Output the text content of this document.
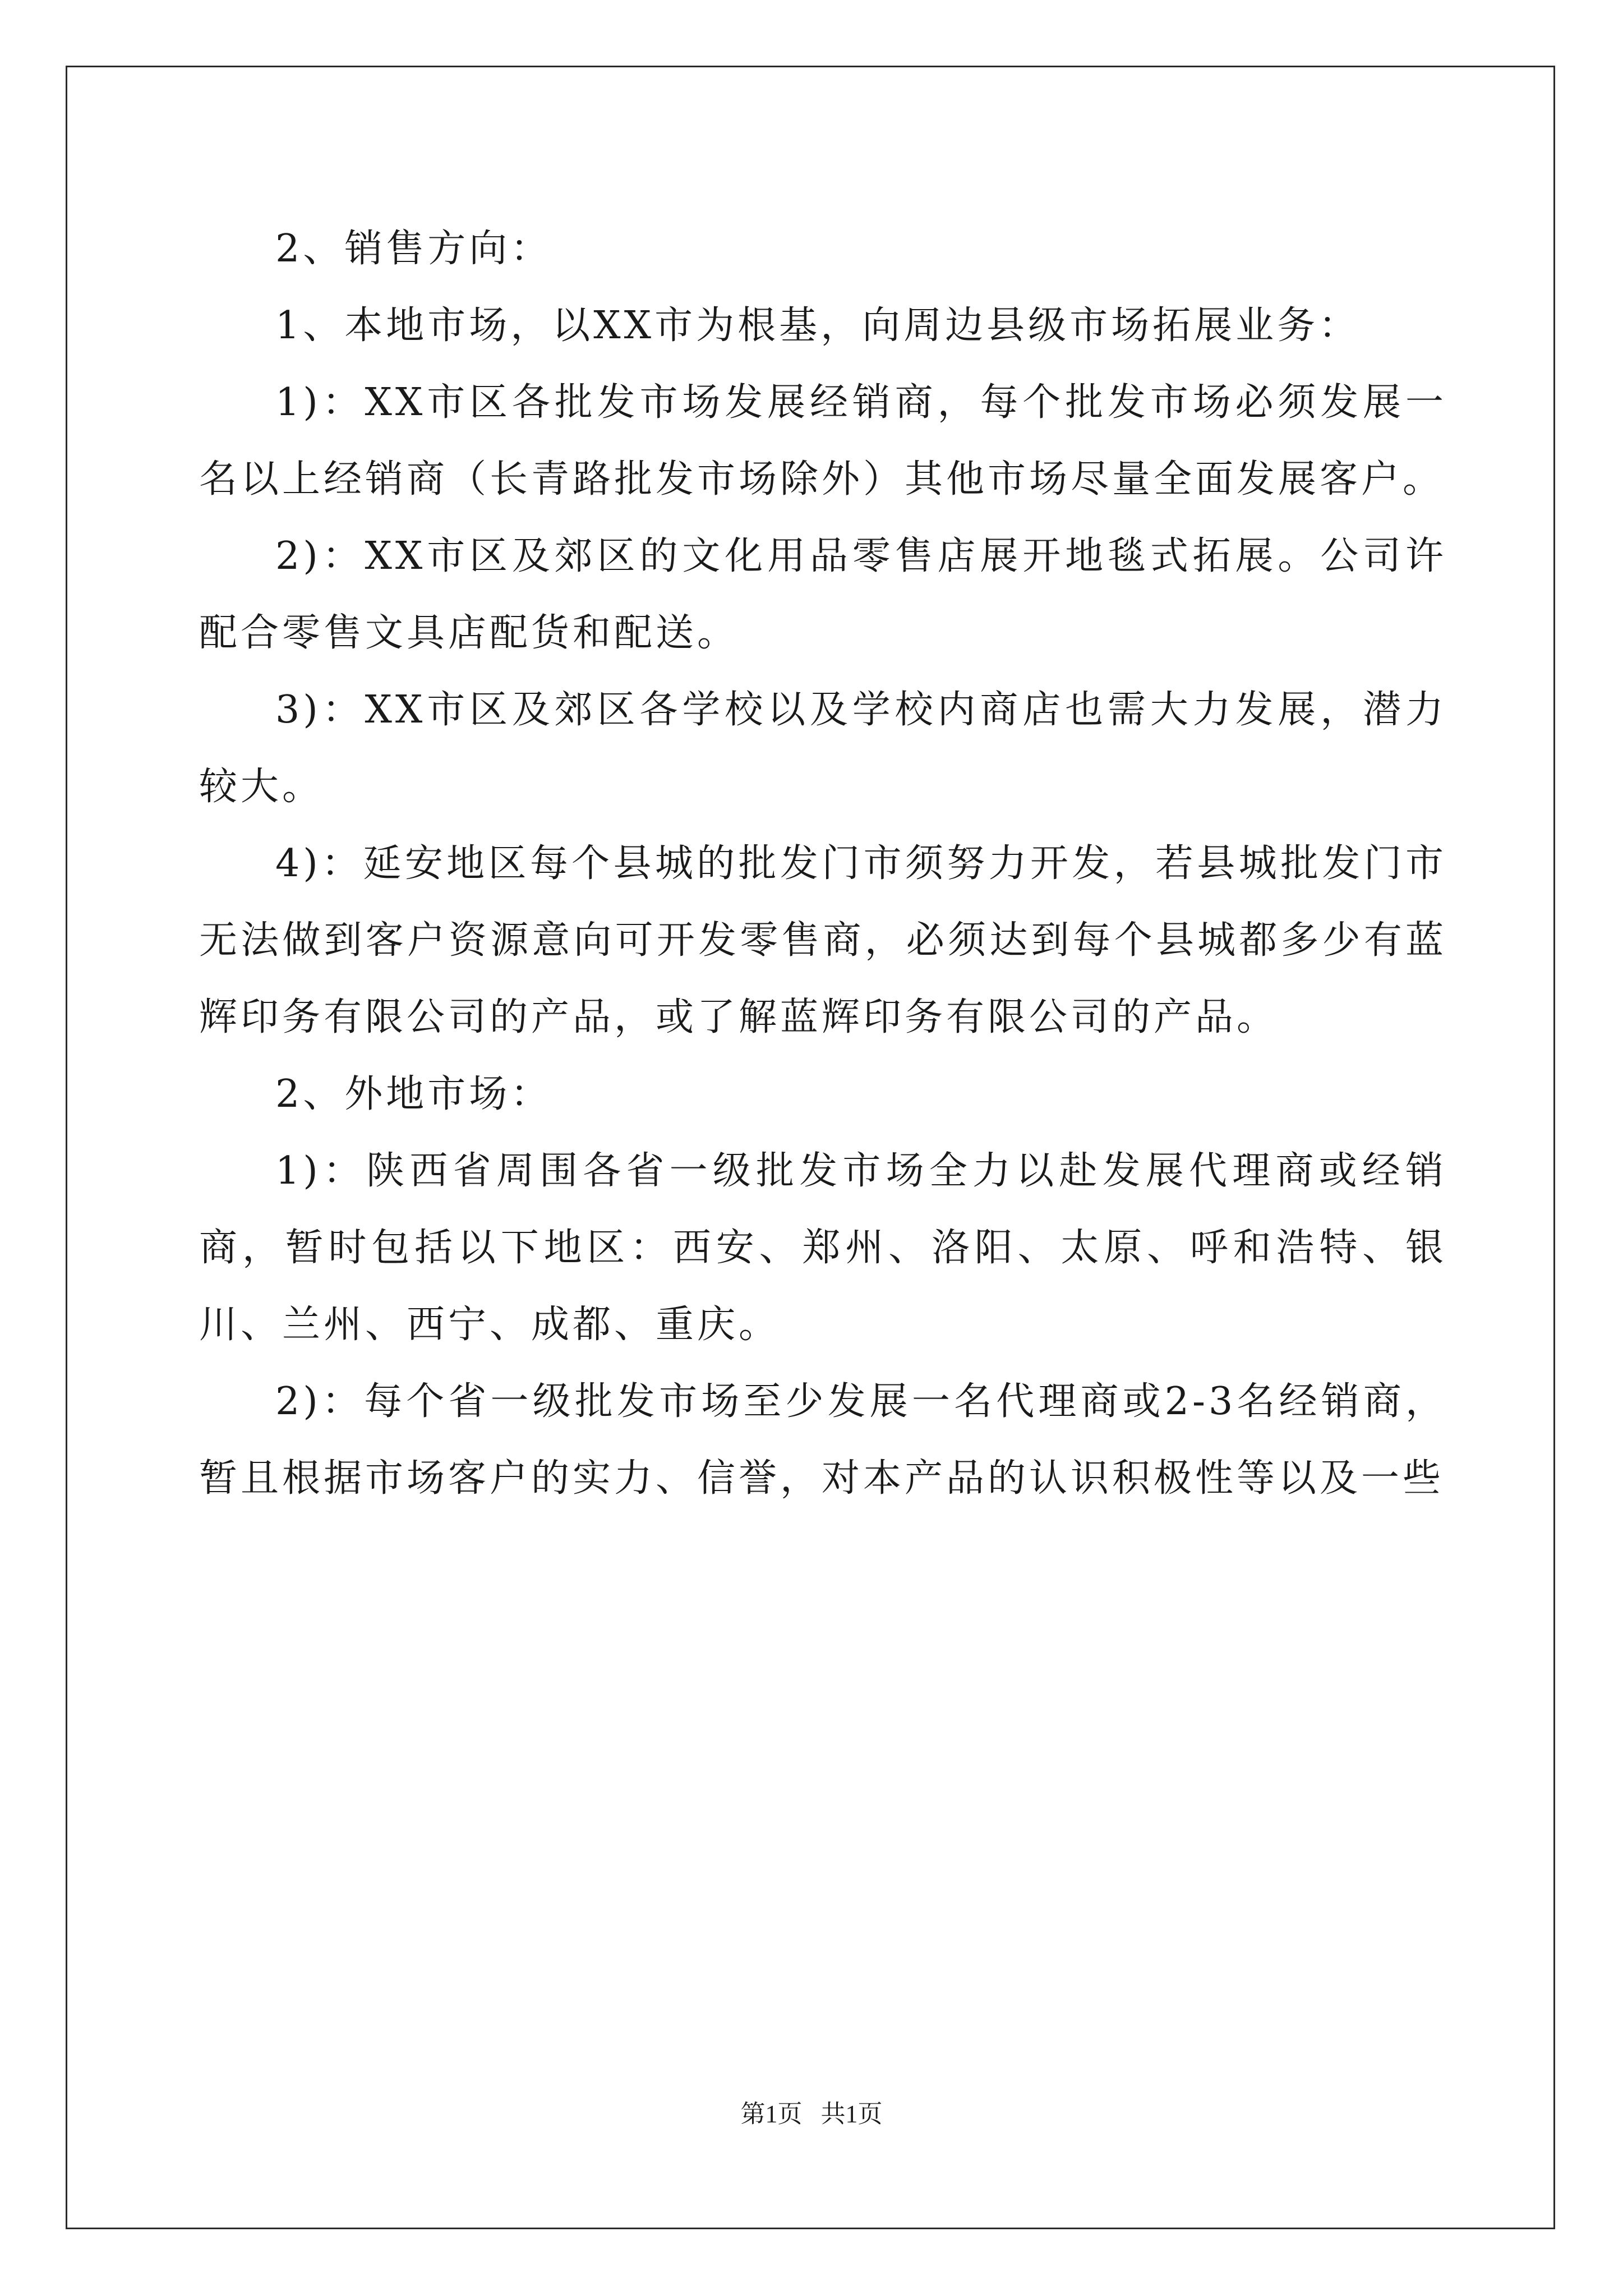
2、销售方向：

1、本地市场，以XX市为根基，向周边县级市场拓展业务：

1)：XX市区各批发市场发展经销商，每个批发市场必须发展一名以上经销商（长青路批发市场除外）其他市场尽量全面发展客户。

2)：XX市区及郊区的文化用品零售店展开地毯式拓展。公司许配合零售文具店配货和配送。

3)：XX市区及郊区各学校以及学校内商店也需大力发展，潜力较大。

4)：延安地区每个县城的批发门市须努力开发，若县城批发门市无法做到客户资源意向可开发零售商，必须达到每个县城都多少有蓝辉印务有限公司的产品，或了解蓝辉印务有限公司的产品。

2、外地市场：

1)：陕西省周围各省一级批发市场全力以赴发展代理商或经销商，暂时包括以下地区：西安、郑州、洛阳、太原、呼和浩特、银川、兰州、西宁、成都、重庆。

2)：每个省一级批发市场至少发展一名代理商或2-3名经销商，暂且根据市场客户的实力、信誉，对本产品的认识积极性等以及一些

第1页   共1页
